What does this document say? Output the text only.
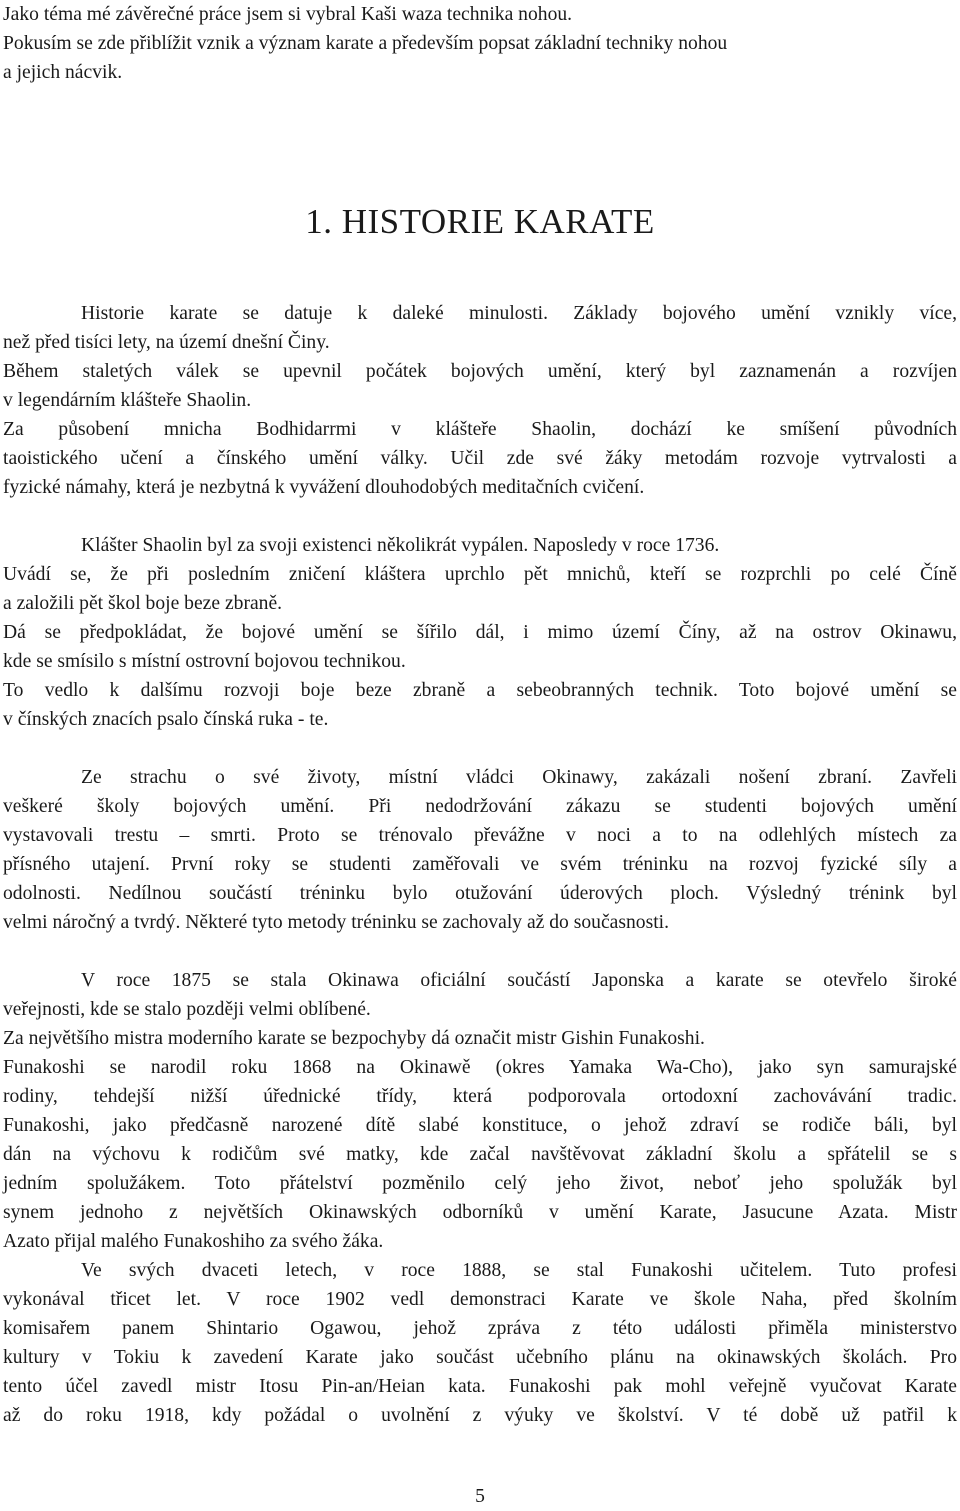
Jako téma mé závěrečné práce jsem si vybral Kaši waza technika nohou.
Pokusím se zde přiblížit vznik a význam karate a především popsat základní techniky nohou
a jejich nácvik.
1. HISTORIE KARATE
Historie karate se datuje k daleké minulosti. Základy bojového umění vznikly více,
než před tisíci lety, na území dnešní Činy.
Během staletých válek se upevnil počátek bojových umění, který byl zaznamenán a rozvíjen
v legendárním klášteře Shaolin.
Za působení mnicha Bodhidarrmi v klášteře Shaolin, dochází ke smíšení původních
taoistického učení a čínského umění války. Učil zde své žáky metodám rozvoje vytrvalosti a
fyzické námahy, která je nezbytná k vyvážení dlouhodobých meditačních cvičení.
Klášter Shaolin byl za svoji existenci několikrát vypálen. Naposledy v roce 1736.
Uvádí se, že při posledním zničení kláštera uprchlo pět mnichů, kteří se rozprchli po celé Číně
a založili pět škol boje beze zbraně.
Dá se předpokládat, že bojové umění se šířilo dál, i mimo území Číny, až na ostrov Okinawu,
kde se smísilo s místní ostrovní bojovou technikou.
To vedlo k dalšímu rozvoji boje beze zbraně a sebeobranných technik. Toto bojové umění se
v čínských znacích psalo čínská ruka - te.
Ze strachu o své životy, místní vládci Okinawy, zakázali nošení zbraní. Zavřeli
veškeré školy bojových umění. Při nedodržování zákazu se studenti bojových umění
vystavovali trestu – smrti. Proto se trénovalo převážne v noci a to na odlehlých místech za
přísného utajení. První roky se studenti zaměřovali ve svém tréninku na rozvoj fyzické síly a
odolnosti. Nedílnou součástí tréninku bylo otužování úderových ploch. Výsledný trénink byl
velmi náročný a tvrdý. Některé tyto metody tréninku se zachovaly až do současnosti.
V roce 1875 se stala Okinawa oficiální součástí Japonska a karate se otevřelo široké
veřejnosti, kde se stalo později velmi oblíbené.
Za největšího mistra moderního karate se bezpochyby dá označit mistr Gishin Funakoshi.
Funakoshi se narodil roku 1868 na Okinawě (okres Yamaka Wa-Cho), jako syn samurajské
rodiny, tehdejší nižší úřednické třídy, která podporovala ortodoxní zachovávání tradic.
Funakoshi, jako předčasně narozené dítě slabé konstituce, o jehož zdraví se rodiče báli, byl
dán na výchovu k rodičům své matky, kde začal navštěvovat základní školu a spřátelil se s
jedním spolužákem. Toto přátelství pozměnilo celý jeho život, neboť jeho spolužák byl
synem jednoho z největších Okinawských odborníků v umění Karate, Jasucune Azata. Mistr
Azato přijal malého Funakoshiho za svého žáka.
Ve svých dvaceti letech, v roce 1888, se stal Funakoshi učitelem. Tuto profesi
vykonával třicet let. V roce 1902 vedl demonstraci Karate ve škole Naha, před školním
komisařem panem Shintario Ogawou, jehož zpráva z této události přiměla ministerstvo
kultury v Tokiu k zavedení Karate jako součást učebního plánu na okinawských školách. Pro
tento účel zavedl mistr Itosu Pin-an/Heian kata. Funakoshi pak mohl veřejně vyučovat Karate
až do roku 1918, kdy požádal o uvolnění z výuky ve školství. V té době už patřil k
5
